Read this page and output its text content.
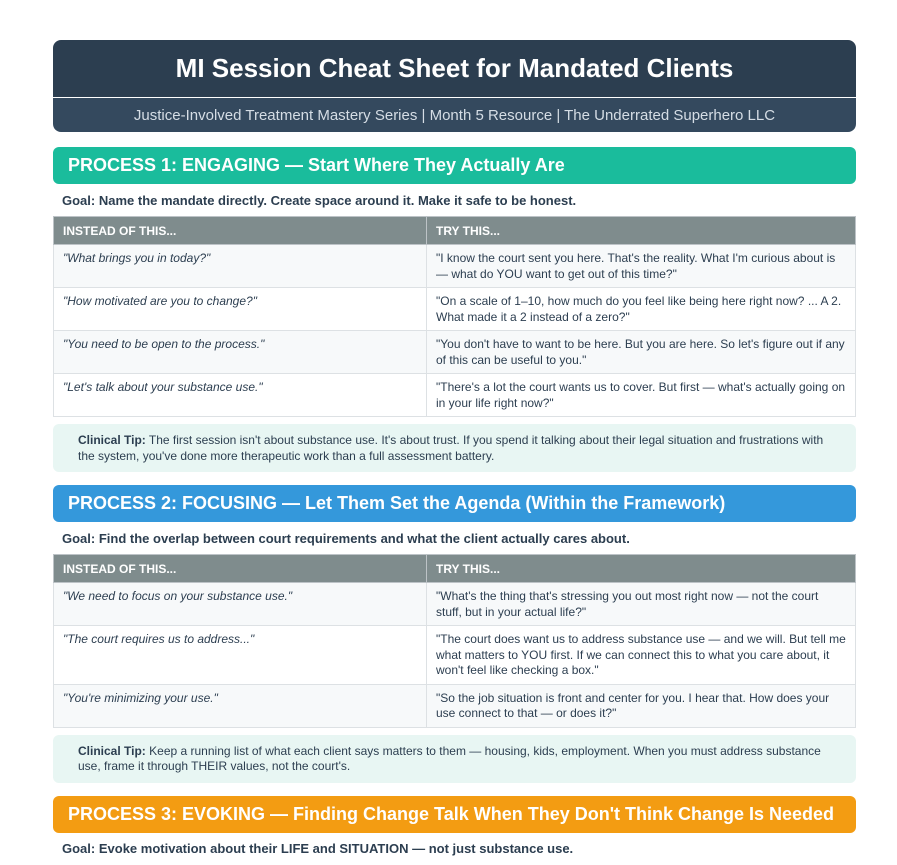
MI Session Cheat Sheet for Mandated Clients
Justice-Involved Treatment Mastery Series | Month 5 Resource | The Underrated Superhero LLC
PROCESS 1: ENGAGING — Start Where They Actually Are
Goal:
Name the mandate directly. Create space around it. Make it safe to be honest.
INSTEAD OF THIS...	TRY THIS...
"What brings you in today?"	"I know the court sent you here. That's the reality. What I'm curious about is — what do YOU want to get out of this time?"
"How motivated are you to change?"	"On a scale of 1–10, how much do you feel like being here right now? ... A 2. What made it a 2 instead of a zero?"
"You need to be open to the process."	"You don't have to want to be here. But you are here. So let's figure out if any of this can be useful to you."
"Let's talk about your substance use."	"There's a lot the court wants us to cover. But first — what's actually going on in your life right now?"
Clinical Tip: The first session isn't about substance use. It's about trust. If you spend it talking about their legal situation and frustrations with the system, you've done more therapeutic work than a full assessment battery.
PROCESS 2: FOCUSING — Let Them Set the Agenda (Within the Framework)
Goal:
Find the overlap between court requirements and what the client actually cares about.
INSTEAD OF THIS...	TRY THIS...
"We need to focus on your substance use."	"What's the thing that's stressing you out most right now — not the court stuff, but in your actual life?"
"The court requires us to address..."	"The court does want us to address substance use — and we will. But tell me what matters to YOU first. If we can connect this to what you care about, it won't feel like checking a box."
"You're minimizing your use."	"So the job situation is front and center for you. I hear that. How does your use connect to that — or does it?"
Clinical Tip: Keep a running list of what each client says matters to them — housing, kids, employment. When you must address substance use, frame it through THEIR values, not the court's.
PROCESS 3: EVOKING — Finding Change Talk When They Don't Think Change Is Needed
Goal:
Evoke motivation about their LIFE and SITUATION — not just substance use.
